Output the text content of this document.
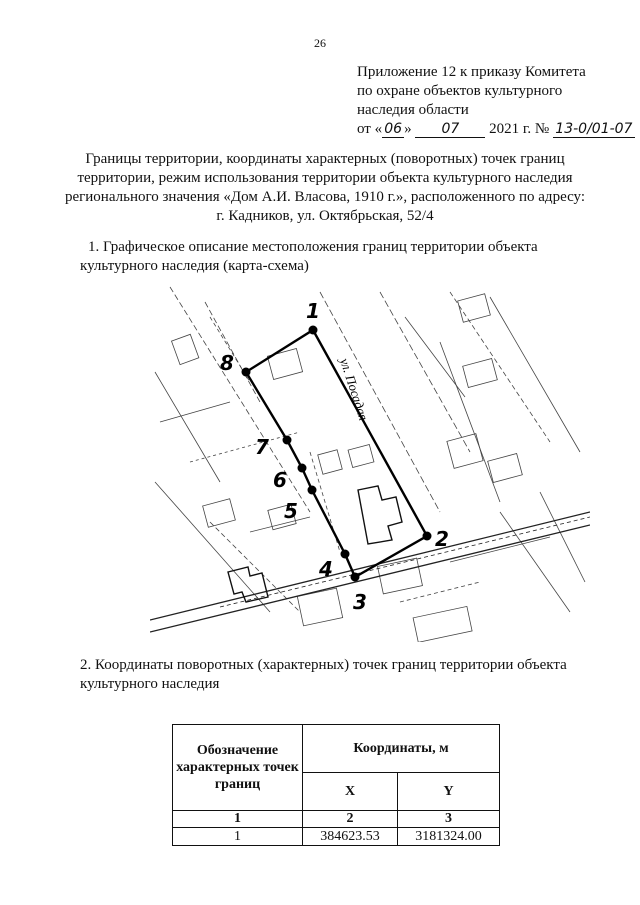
26
Приложение 12 к приказу Комитета
по охране объектов культурного
наследия области
от « 06 » 07 2021 г. № 13-0/01-07
Границы территории, координаты характерных (поворотных) точек границ территории, режим использования территории объекта культурного наследия регионального значения «Дом А.И. Власова, 1910 г.», расположенного по адресу: г. Кадников, ул. Октябрьская, 52/4
1. Графическое описание местоположения границ территории объекта
культурного наследия (карта-схема)
1
2
3
4
5
6
7
8	ул. Посадая
2. Координаты поворотных (характерных) точек границ территории объекта
культурного наследия
Обозначение характерных точек границ	Координаты, м	
	X	Y
1	2	3
1	384623.53	3181324.00
